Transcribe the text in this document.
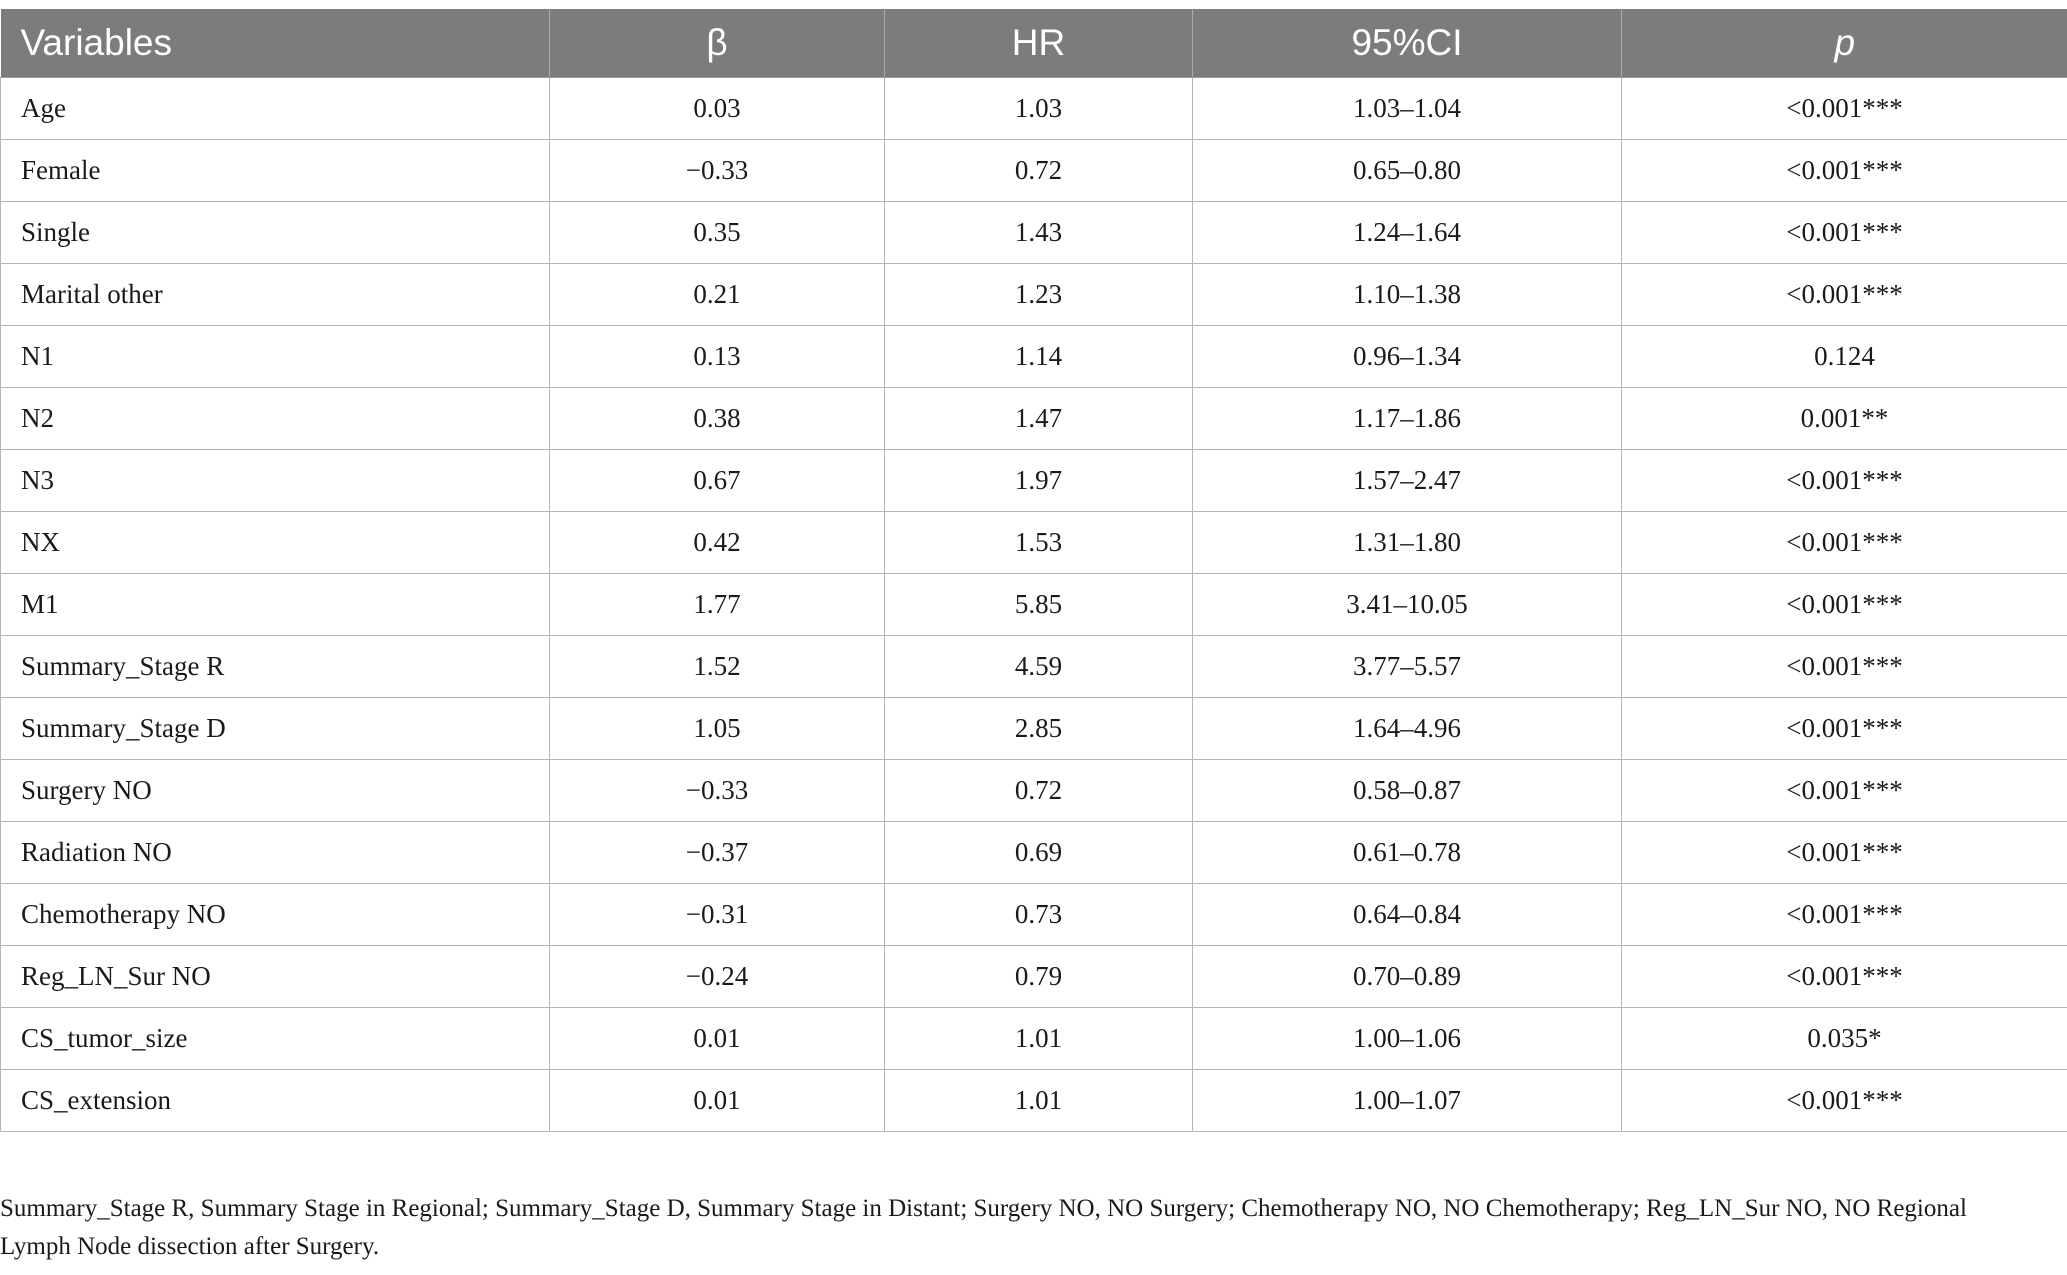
Variables	β	HR	95%CI	p
Age	0.03	1.03	1.03–1.04	<0.001***
Female	−0.33	0.72	0.65–0.80	<0.001***
Single	0.35	1.43	1.24–1.64	<0.001***
Marital other	0.21	1.23	1.10–1.38	<0.001***
N1	0.13	1.14	0.96–1.34	0.124
N2	0.38	1.47	1.17–1.86	0.001**
N3	0.67	1.97	1.57–2.47	<0.001***
NX	0.42	1.53	1.31–1.80	<0.001***
M1	1.77	5.85	3.41–10.05	<0.001***
Summary_Stage R	1.52	4.59	3.77–5.57	<0.001***
Summary_Stage D	1.05	2.85	1.64–4.96	<0.001***
Surgery NO	−0.33	0.72	0.58–0.87	<0.001***
Radiation NO	−0.37	0.69	0.61–0.78	<0.001***
Chemotherapy NO	−0.31	0.73	0.64–0.84	<0.001***
Reg_LN_Sur NO	−0.24	0.79	0.70–0.89	<0.001***
CS_tumor_size	0.01	1.01	1.00–1.06	0.035*
CS_extension	0.01	1.01	1.00–1.07	<0.001***
Summary_Stage R, Summary Stage in Regional; Summary_Stage D, Summary Stage in Distant; Surgery NO, NO Surgery; Chemotherapy NO, NO Chemotherapy; Reg_LN_Sur NO, NO Regional Lymph Node dissection after Surgery.
